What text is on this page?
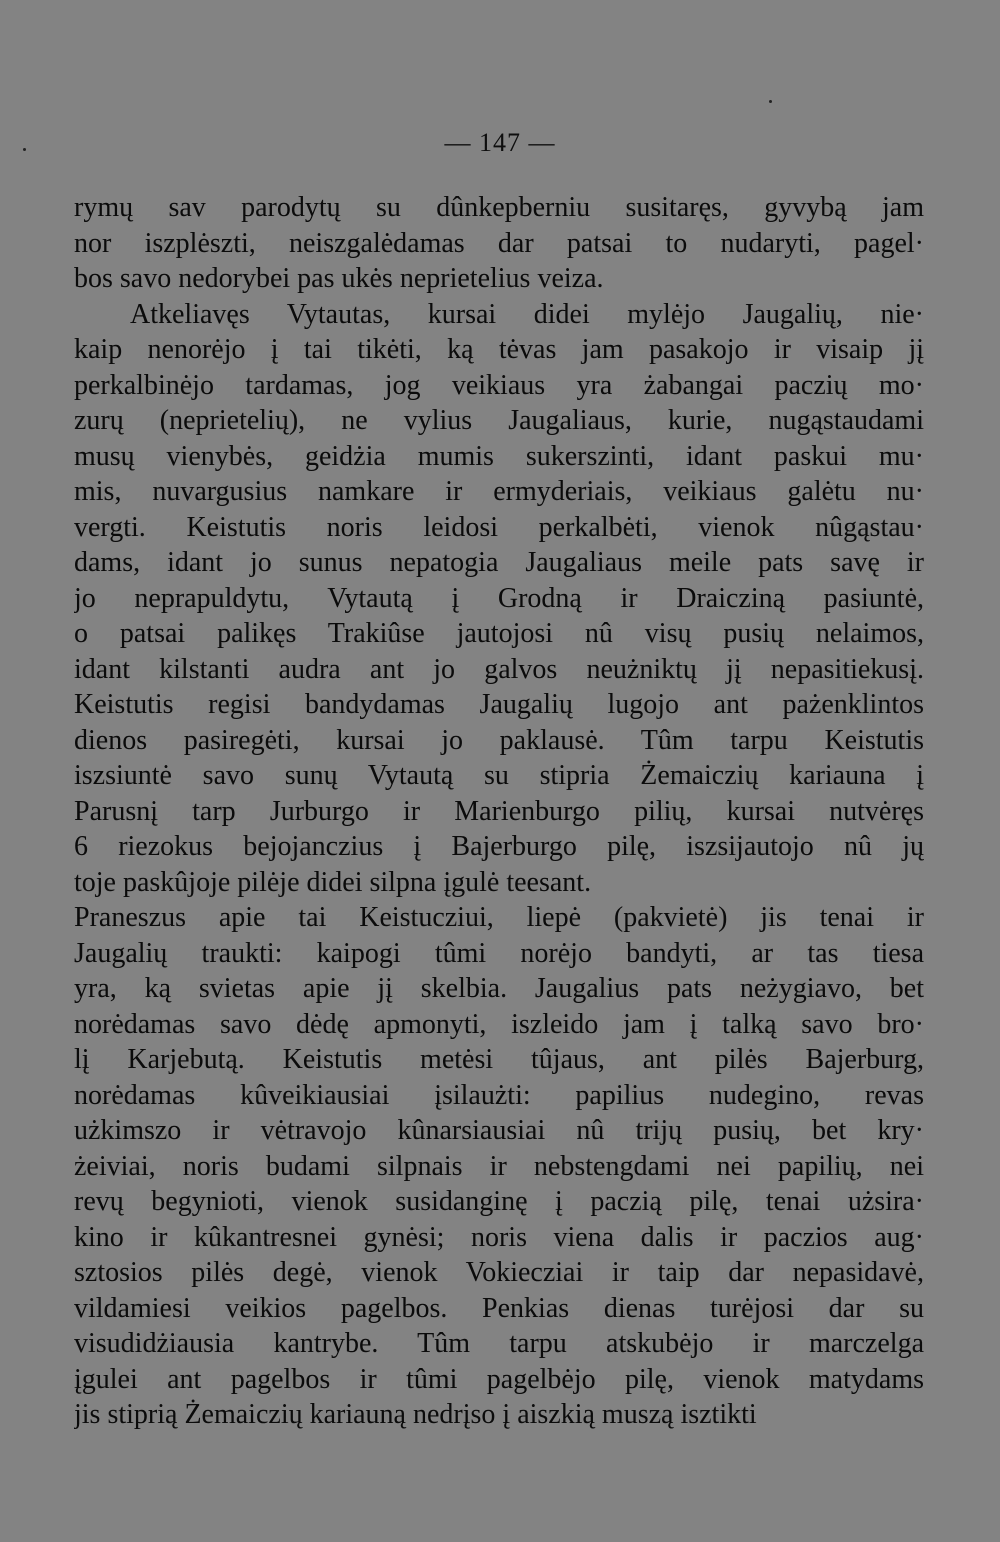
— 147 —
rymų sav parodytų su dûnkepberniu susitaręs, gyvybą jam
nor iszplėszti, neiszgalėdamas dar patsai to nudaryti, pagel·
bos savo nedorybei pas ukės neprietelius veiza.
Atkeliavęs Vytautas, kursai didei mylėjo Jaugalių, nie·
kaip nenorėjo į tai tikėti, ką tėvas jam pasakojo ir visaip jį
perkalbinėjo tardamas, jog veikiaus yra żabangai paczių mo·
zurų (neprietelių), ne vylius Jaugaliaus, kurie, nugąstaudami
musų vienybės, geidżia mumis sukerszinti, idant paskui mu·
mis, nuvargusius namkare ir ermyderiais, veikiaus galėtu nu·
vergti. Keistutis noris leidosi perkalbėti, vienok nûgąstau·
dams, idant jo sunus nepatogia Jaugaliaus meile pats savę ir
jo neprapuldytu, Vytautą į Grodną ir Draicziną pasiuntė,
o patsai palikęs Trakiûse jautojosi nû visų pusių nelaimos,
idant kilstanti audra ant jo galvos neużniktų jį nepasitiekusį.
Keistutis regisi bandydamas Jaugalių lugojo ant pażenklintos
dienos pasiregėti, kursai jo paklausė. Tûm tarpu Keistutis
iszsiuntė savo sunų Vytautą su stipria Żemaiczių kariauna į
Parusnį tarp Jurburgo ir Marienburgo pilių, kursai nutvėręs
6 riezokus bejojanczius į Bajerburgo pilę, iszsijautojo nû jų
toje paskûjoje pilėje didei silpna įgulė teesant.
Praneszus apie tai Keistucziui, liepė (pakvietė) jis tenai ir
Jaugalių traukti: kaipogi tûmi norėjo bandyti, ar tas tiesa
yra, ką svietas apie jį skelbia. Jaugalius pats neżygiavo, bet
norėdamas savo dėdę apmonyti, iszleido jam į talką savo bro·
lį Karjebutą. Keistutis metėsi tûjaus, ant pilės Bajerburg,
norėdamas kûveikiausiai įsilaużti: papilius nudegino, revas
użkimszo ir vėtravojo kûnarsiausiai nû trijų pusių, bet kry·
żeiviai, noris budami silpnais ir nebstengdami nei papilių, nei
revų begynioti, vienok susidanginę į paczią pilę, tenai użsira·
kino ir kûkantresnei gynėsi; noris viena dalis ir paczios aug·
sztosios pilės degė, vienok Vokiecziai ir taip dar nepasidavė,
vildamiesi veikios pagelbos. Penkias dienas turėjosi dar su
visudidżiausia kantrybe. Tûm tarpu atskubėjo ir marczelga
įgulei ant pagelbos ir tûmi pagelbėjo pilę, vienok matydams
jis stiprią Żemaiczių kariauną nedrįso į aiszkią muszą isztikti
